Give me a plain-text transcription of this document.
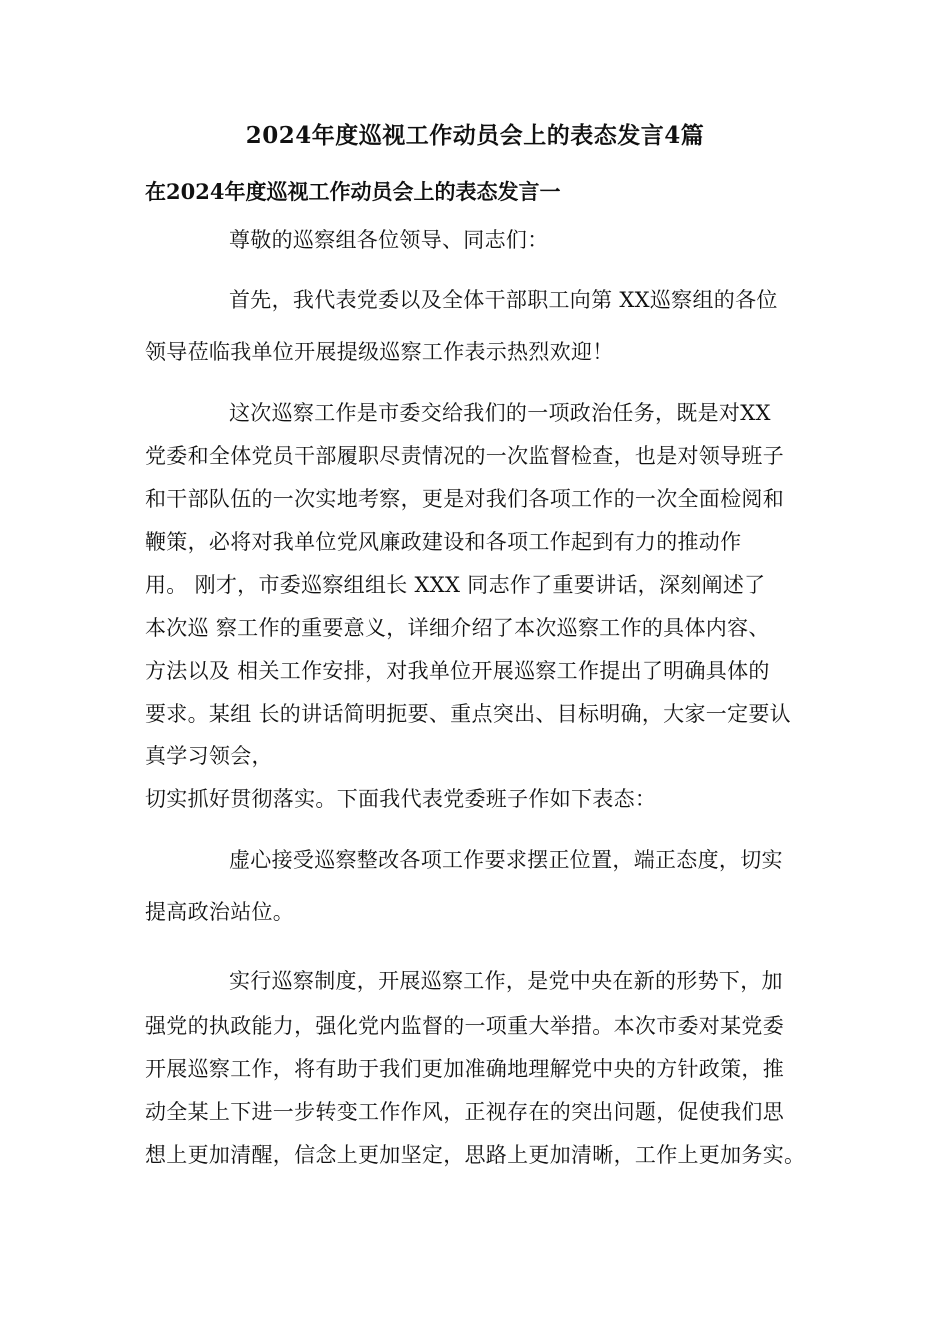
2024年度巡视工作动员会上的表态发言4篇
在2024年度巡视工作动员会上的表态发言一
尊敬的巡察组各位领导、同志们：
首先，我代表党委以及全体干部职工向第 XX巡察组的各位
领导莅临我单位开展提级巡察工作表示热烈欢迎！
这次巡察工作是市委交给我们的一项政治任务，既是对XX
党委和全体党员干部履职尽责情况的一次监督检查，也是对领导班子
和干部队伍的一次实地考察，更是对我们各项工作的一次全面检阅和
鞭策，必将对我单位党风廉政建设和各项工作起到有力的推动作
用。 刚才，市委巡察组组长 XXX 同志作了重要讲话，深刻阐述了
本次巡 察工作的重要意义，详细介绍了本次巡察工作的具体内容、
方法以及 相关工作安排，对我单位开展巡察工作提出了明确具体的
要求。某组 长的讲话简明扼要、重点突出、目标明确，大家一定要认
真学习领会，
切实抓好贯彻落实。下面我代表党委班子作如下表态：
虚心接受巡察整改各项工作要求摆正位置，端正态度，切实
提高政治站位。
实行巡察制度，开展巡察工作，是党中央在新的形势下，加
强党的执政能力，强化党内监督的一项重大举措。本次市委对某党委
开展巡察工作，将有助于我们更加准确地理解党中央的方针政策，推
动全某上下进一步转变工作作风，正视存在的突出问题，促使我们思
想上更加清醒，信念上更加坚定，思路上更加清晰，工作上更加务实。
